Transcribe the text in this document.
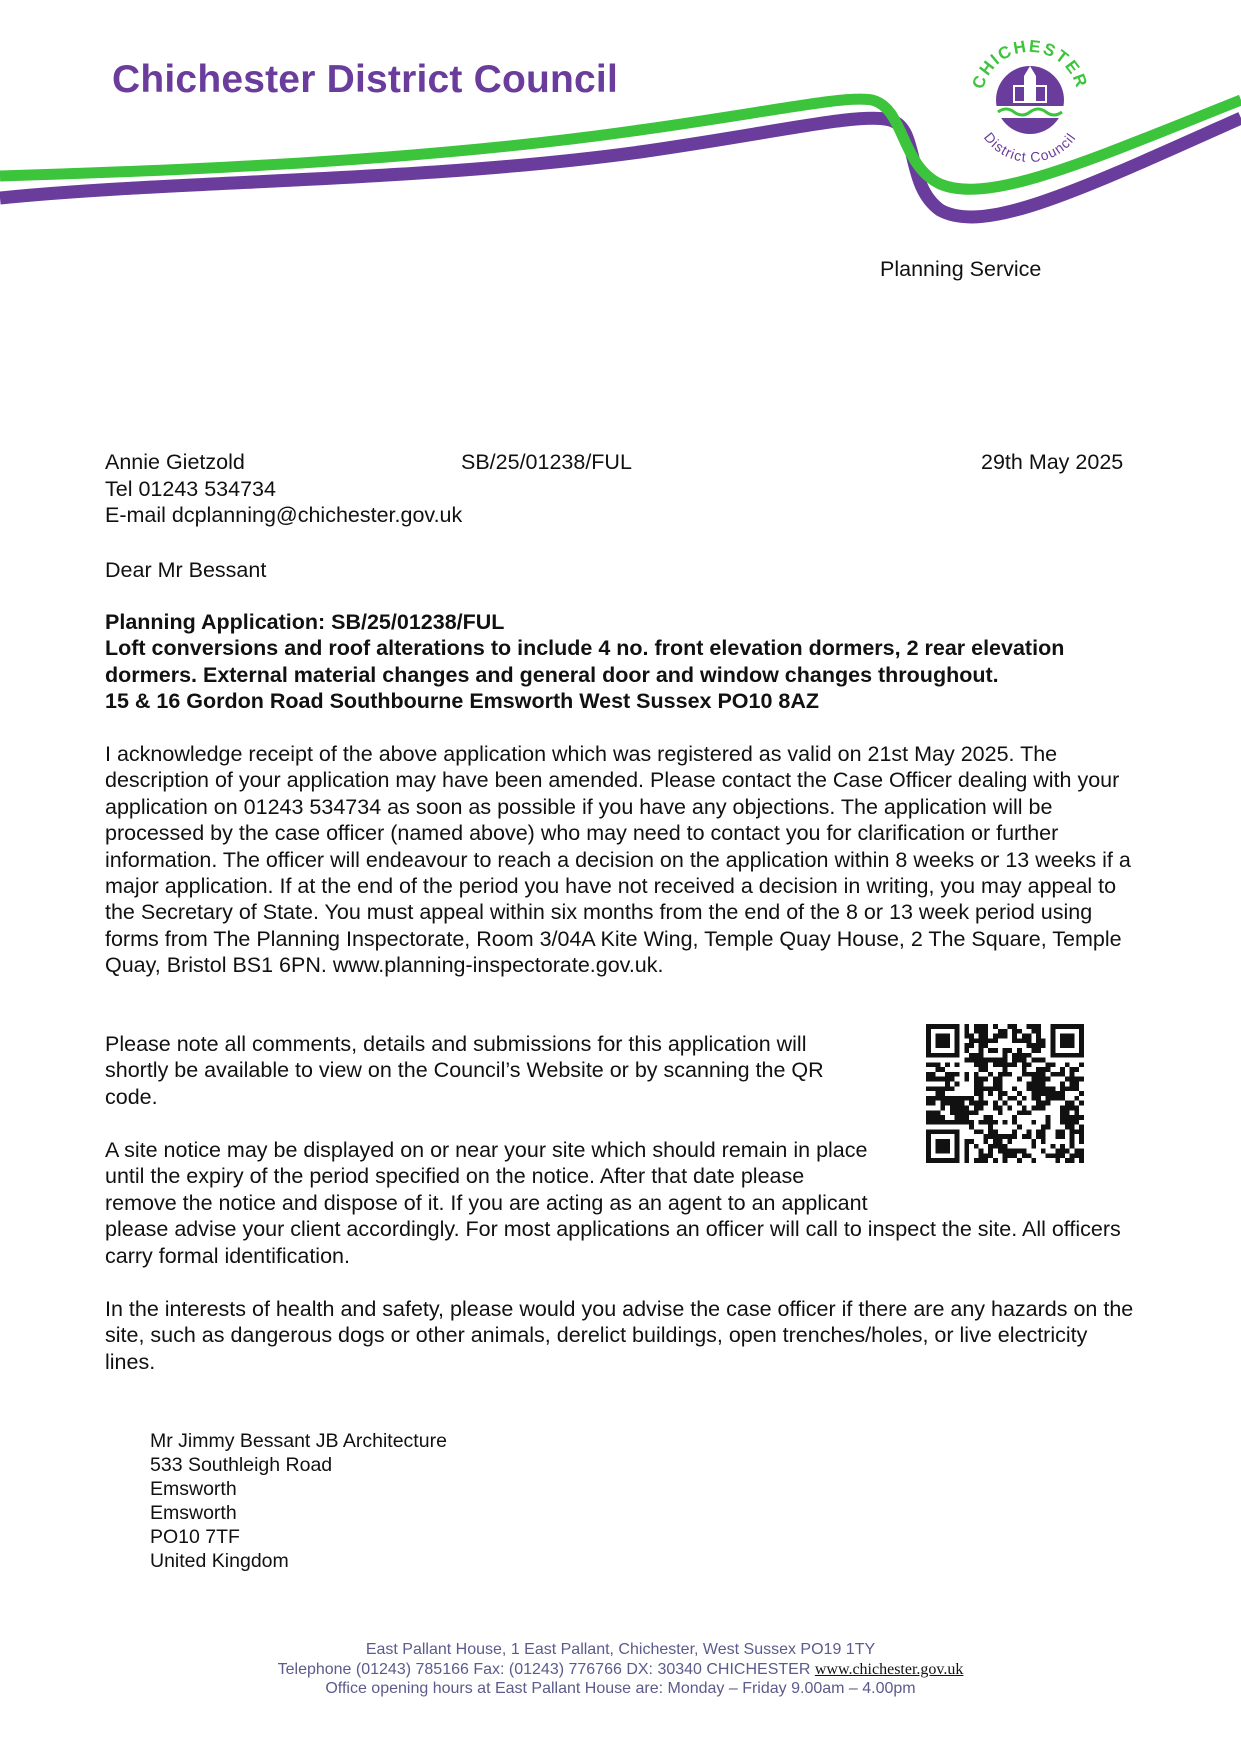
Chichester District Council	CHICHESTER
District Council
Planning Service
Annie Gietzold	SB/25/01238/FUL	29th May 2025
Tel 01243 534734
E-mail dcplanning@chichester.gov.uk
Dear Mr Bessant
Planning Application: SB/25/01238/FUL
Loft conversions and roof alterations to include 4 no. front elevation dormers, 2 rear elevation dormers. External material changes and general door and window changes throughout.
15 & 16 Gordon Road Southbourne Emsworth West Sussex PO10 8AZ
I acknowledge receipt of the above application which was registered as valid on 21st May 2025. The description of your application may have been amended. Please contact the Case Officer dealing with your application on 01243 534734 as soon as possible if you have any objections. The application will be processed by the case officer (named above) who may need to contact you for clarification or further information. The officer will endeavour to reach a decision on the application within 8 weeks or 13 weeks if a major application. If at the end of the period you have not received a decision in writing, you may appeal to the Secretary of State. You must appeal within six months from the end of the 8 or 13 week period using forms from The Planning Inspectorate, Room 3/04A Kite Wing, Temple Quay House, 2 The Square, Temple Quay, Bristol BS1 6PN. www.planning-inspectorate.gov.uk.
Please note all comments, details and submissions for this application will shortly be available to view on the Council’s Website or by scanning the QR code.
A site notice may be displayed on or near your site which should remain in place until the expiry of the period specified on the notice. After that date please remove the notice and dispose of it. If you are acting as an agent to an applicant please advise your client accordingly. For most applications an officer will call to inspect the site. All officers carry formal identification.
In the interests of health and safety, please would you advise the case officer if there are any hazards on the site, such as dangerous dogs or other animals, derelict buildings, open trenches/holes, or live electricity lines.
Mr Jimmy Bessant JB Architecture
533 Southleigh Road
Emsworth
Emsworth
PO10 7TF
United Kingdom
East Pallant House, 1 East Pallant, Chichester, West Sussex PO19 1TY
Telephone (01243) 785166 Fax: (01243) 776766 DX: 30340 CHICHESTER www.chichester.gov.uk
Office opening hours at East Pallant House are: Monday – Friday 9.00am – 4.00pm
